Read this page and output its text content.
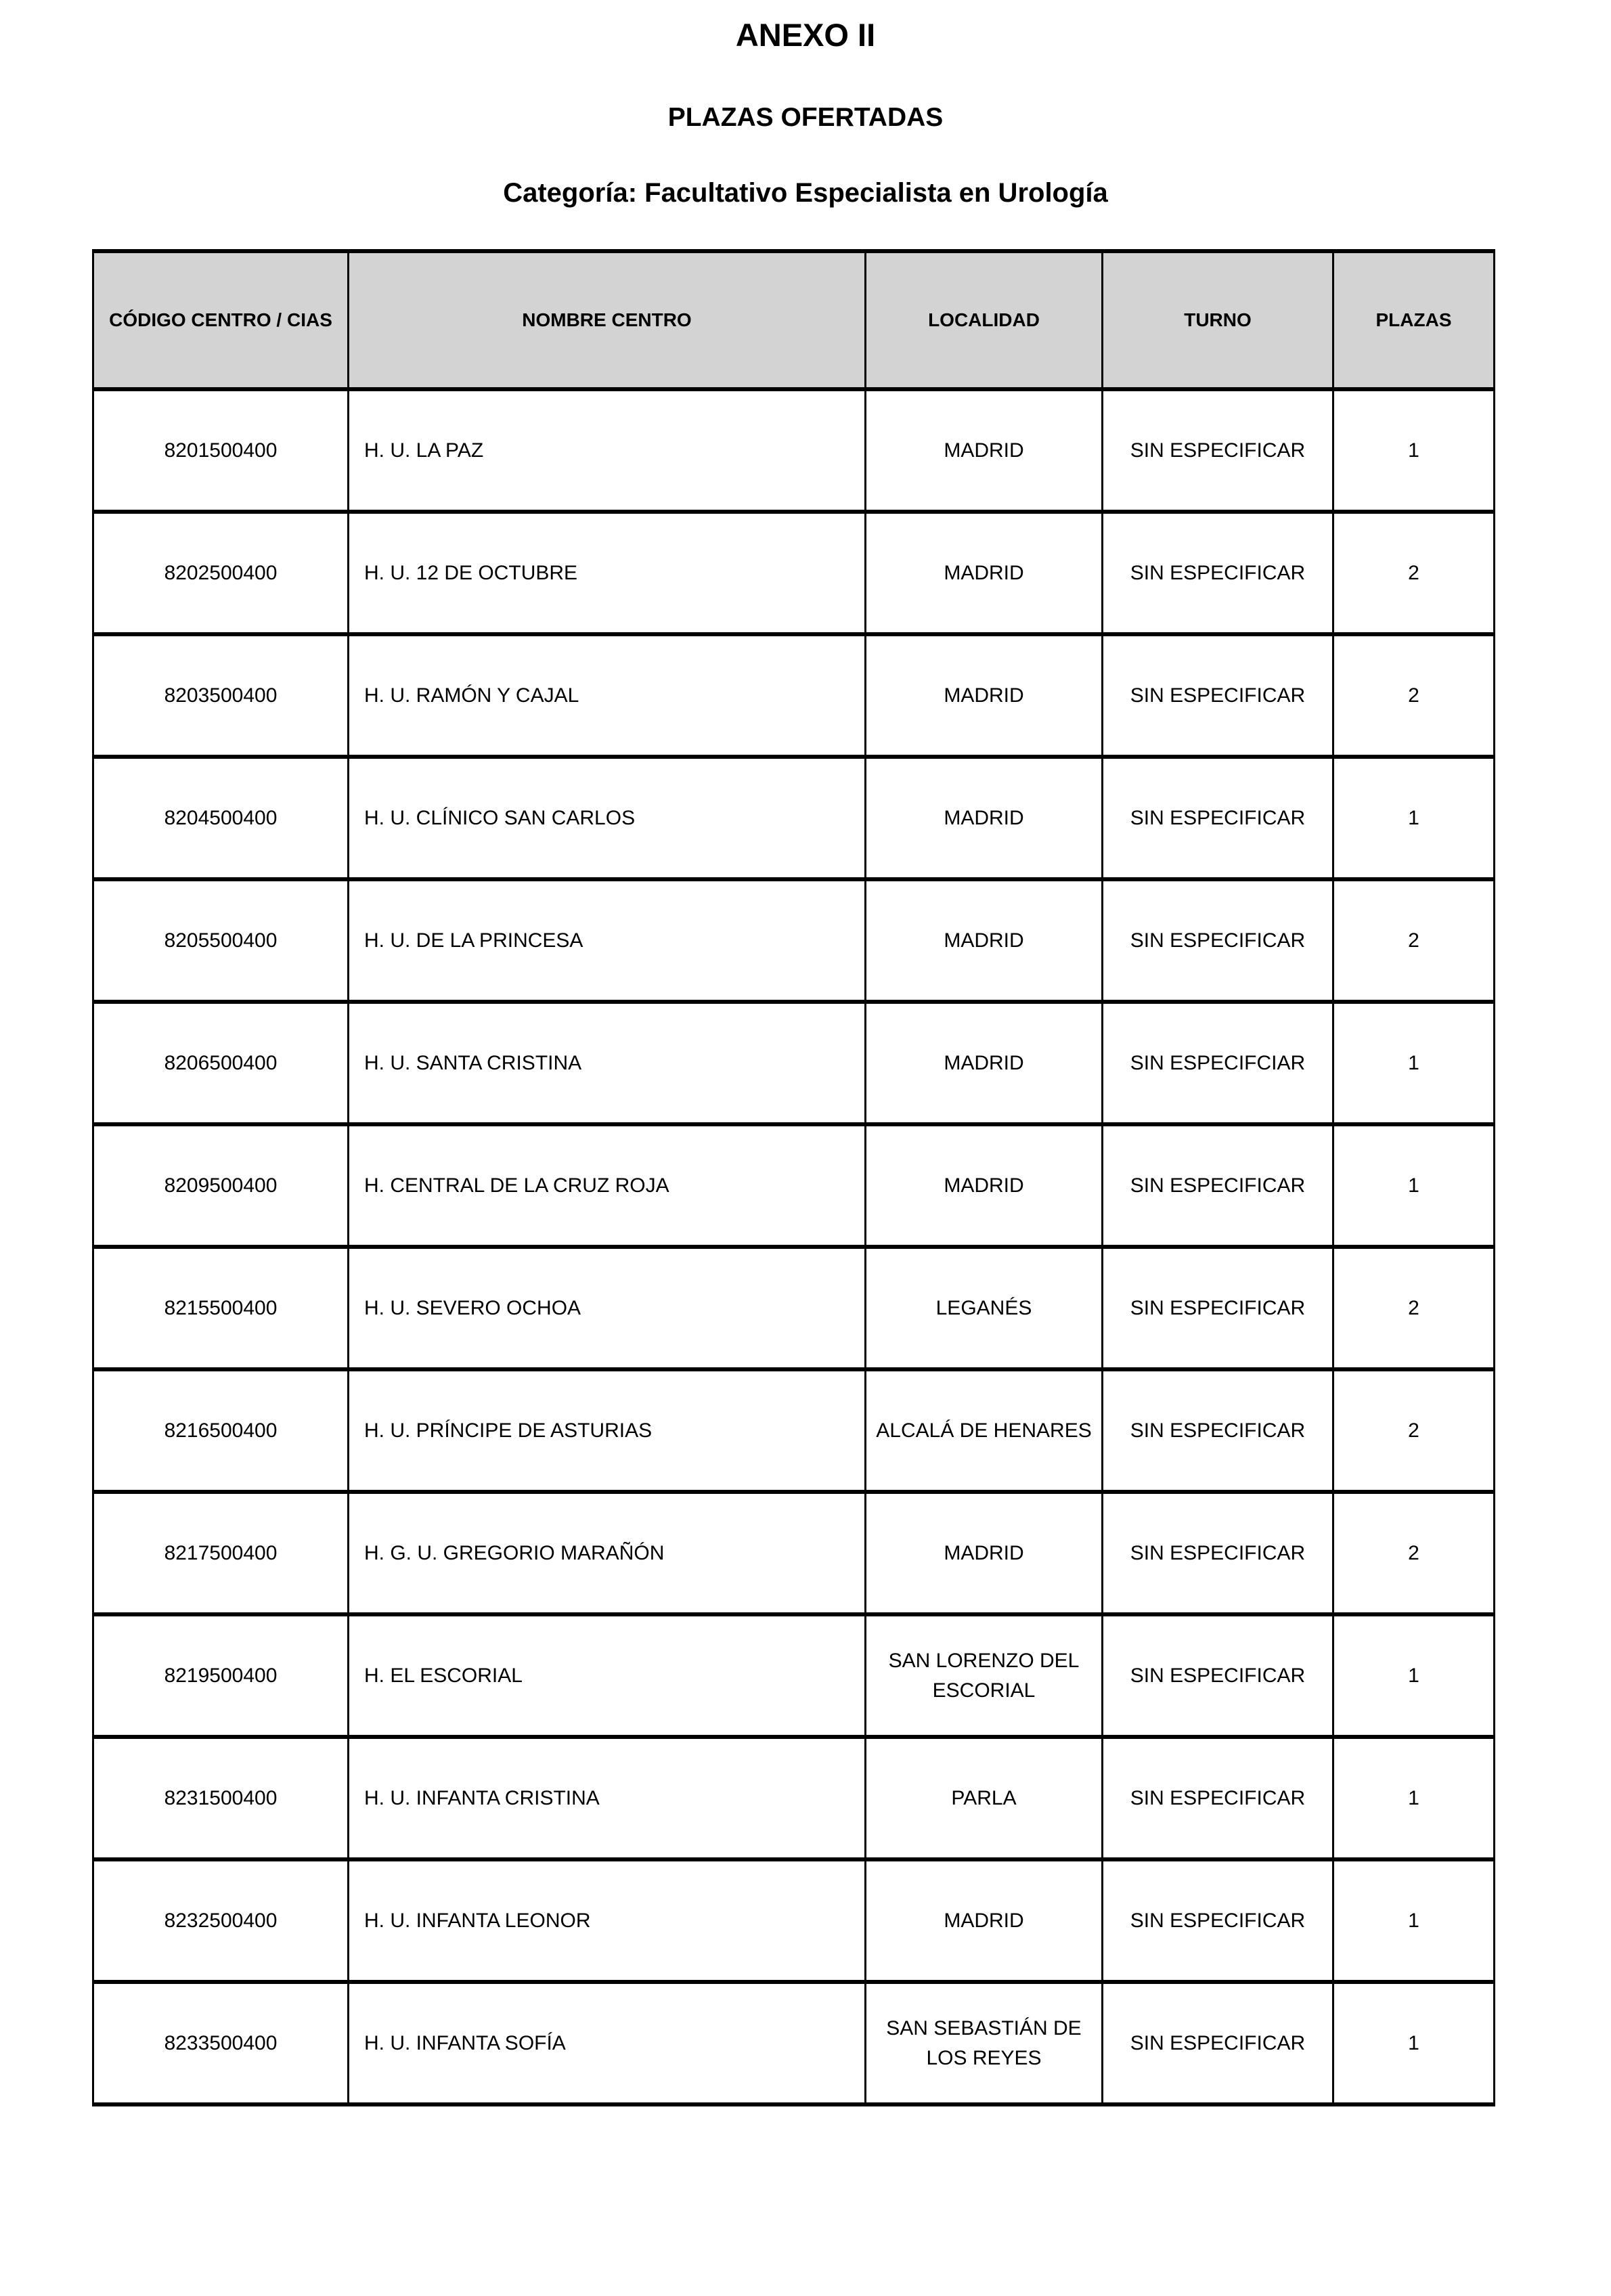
ANEXO II
PLAZAS OFERTADAS
Categoría: Facultativo Especialista en Urología
CÓDIGO CENTRO / CIAS	NOMBRE CENTRO	LOCALIDAD	TURNO	PLAZAS
8201500400	H. U. LA PAZ	MADRID	SIN ESPECIFICAR	1
8202500400	H. U. 12 DE OCTUBRE	MADRID	SIN ESPECIFICAR	2
8203500400	H. U. RAMÓN Y CAJAL	MADRID	SIN ESPECIFICAR	2
8204500400	H. U. CLÍNICO SAN CARLOS	MADRID	SIN ESPECIFICAR	1
8205500400	H. U. DE LA PRINCESA	MADRID	SIN ESPECIFICAR	2
8206500400	H. U. SANTA CRISTINA	MADRID	SIN ESPECIFCIAR	1
8209500400	H. CENTRAL DE LA CRUZ ROJA	MADRID	SIN ESPECIFICAR	1
8215500400	H. U. SEVERO OCHOA	LEGANÉS	SIN ESPECIFICAR	2
8216500400	H. U. PRÍNCIPE DE ASTURIAS	ALCALÁ DE HENARES	SIN ESPECIFICAR	2
8217500400	H. G. U. GREGORIO MARAÑÓN	MADRID	SIN ESPECIFICAR	2
8219500400	H. EL ESCORIAL	SAN LORENZO DEL ESCORIAL	SIN ESPECIFICAR	1
8231500400	H. U. INFANTA CRISTINA	PARLA	SIN ESPECIFICAR	1
8232500400	H. U. INFANTA LEONOR	MADRID	SIN ESPECIFICAR	1
8233500400	H. U. INFANTA SOFÍA	SAN SEBASTIÁN DE LOS REYES	SIN ESPECIFICAR	1
